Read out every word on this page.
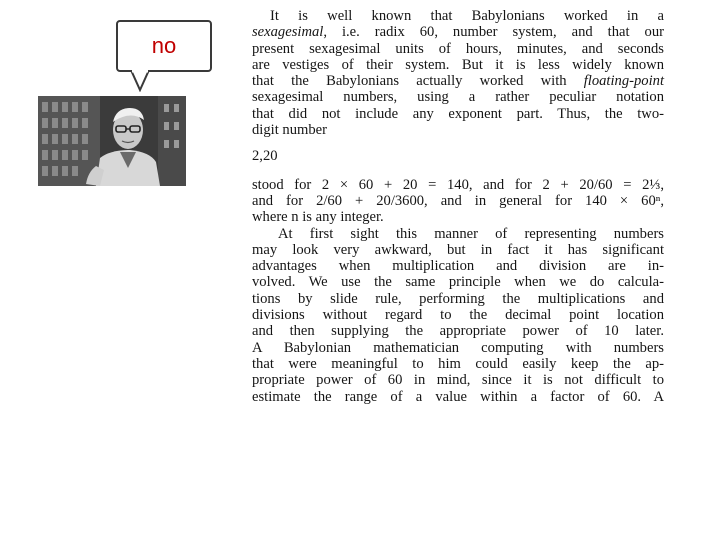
no
It is well known that Babylonians worked in a
sexagesimal, i.e. radix 60, number system, and that our
present sexagesimal units of hours, minutes, and seconds
are vestiges of their system. But it is less widely known
that the Babylonians actually worked with floating-point
sexagesimal numbers, using a rather peculiar notation
that did not include any exponent part. Thus, the two-
digit number
2,20
stood for 2 × 60 + 20 = 140, and for 2 + 20/60 = 2⅓,
and for 2/60 + 20/3600, and in general for 140 × 60ⁿ,
where n is any integer.
At first sight this manner of representing numbers
may look very awkward, but in fact it has significant
advantages when multiplication and division are in-
volved. We use the same principle when we do calcula-
tions by slide rule, performing the multiplications and
divisions without regard to the decimal point location
and then supplying the appropriate power of 10 later.
A Babylonian mathematician computing with numbers
that were meaningful to him could easily keep the ap-
propriate power of 60 in mind, since it is not difficult to
estimate the range of a value within a factor of 60. A
